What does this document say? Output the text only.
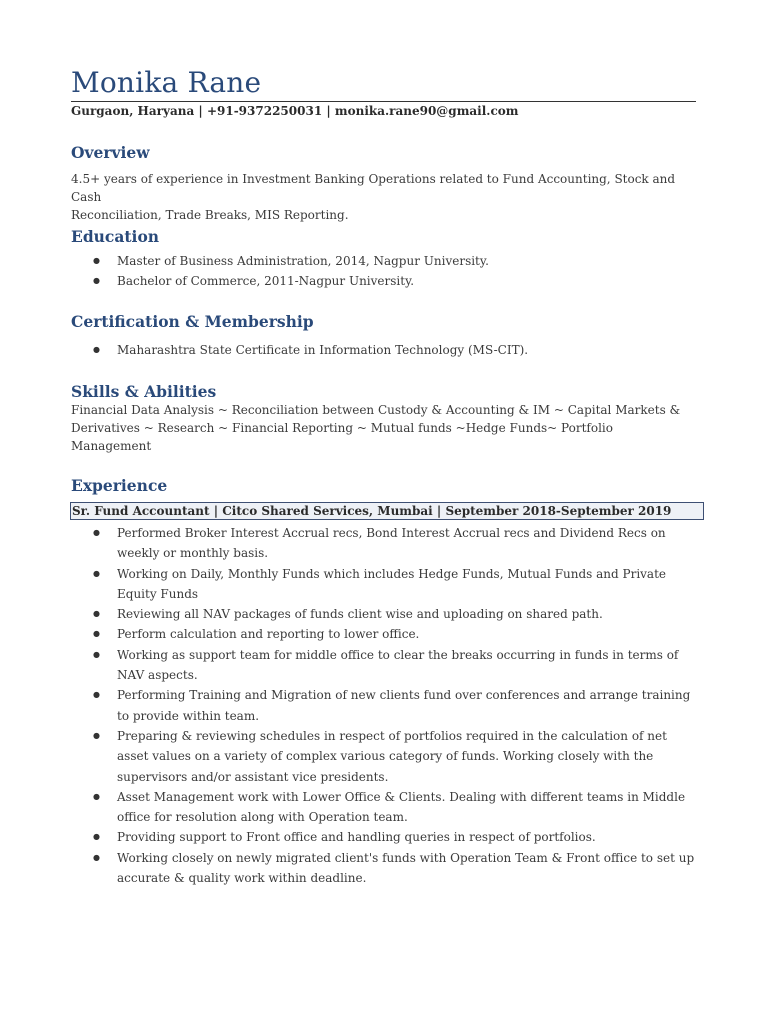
Monika Rane
Gurgaon, Haryana | +91-9372250031 | monika.rane90@gmail.com
Overview
4.5+ years of experience in Investment Banking Operations related to Fund Accounting, Stock and Cash
Reconciliation, Trade Breaks, MIS Reporting.
Education
● Master of Business Administration, 2014, Nagpur University.
● Bachelor of Commerce, 2011-Nagpur University.
Certification & Membership
● Maharashtra State Certificate in Information Technology (MS-CIT).
Skills & Abilities
Financial Data Analysis ~ Reconciliation between Custody & Accounting & IM ~ Capital Markets &
Derivatives ~ Research ~ Financial Reporting ~ Mutual funds ~Hedge Funds~ Portfolio Management
Experience
Sr. Fund Accountant | Citco Shared Services, Mumbai | September 2018-September 2019
● Performed Broker Interest Accrual recs, Bond Interest Accrual recs and Dividend Recs on weekly or monthly basis.
● Working on Daily, Monthly Funds which includes Hedge Funds, Mutual Funds and Private Equity Funds
● Reviewing all NAV packages of funds client wise and uploading on shared path.
● Perform calculation and reporting to lower office.
● Working as support team for middle office to clear the breaks occurring in funds in terms of NAV aspects.
● Performing Training and Migration of new clients fund over conferences and arrange training to provide within team.
● Preparing & reviewing schedules in respect of portfolios required in the calculation of net asset values on a variety of complex various category of funds. Working closely with the supervisors and/or assistant vice presidents.
● Asset Management work with Lower Office & Clients. Dealing with different teams in Middle office for resolution along with Operation team.
● Providing support to Front office and handling queries in respect of portfolios.
● Working closely on newly migrated client's funds with Operation Team & Front office to set up accurate & quality work within deadline.
